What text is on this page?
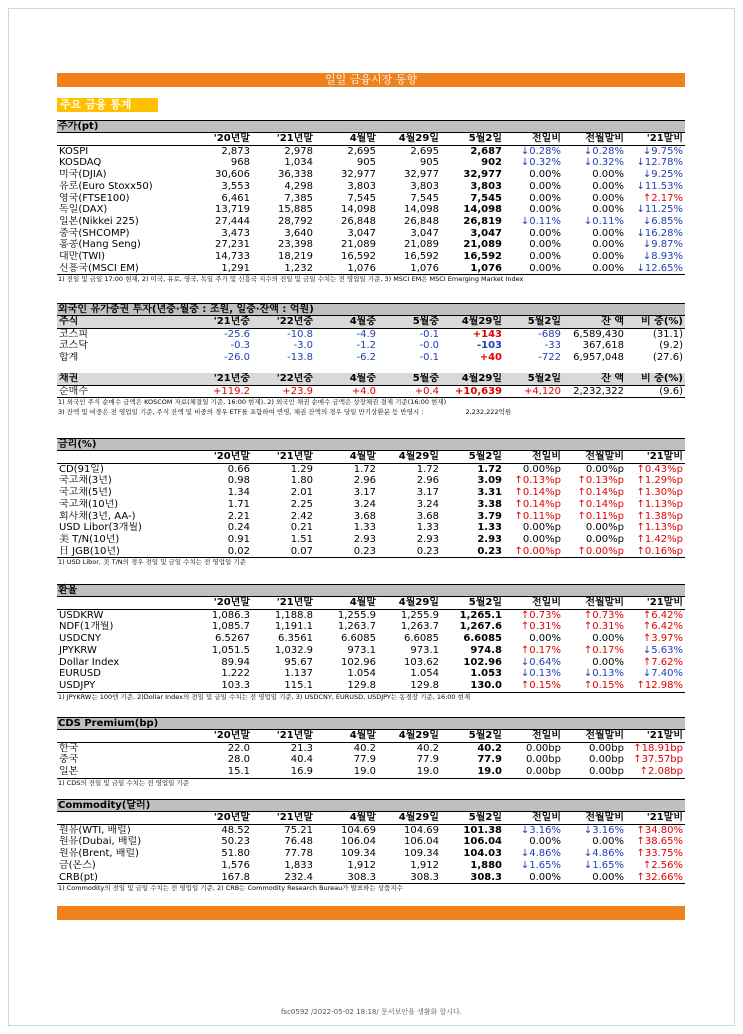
일일 금융시장 동향
주요 금융 통계
주가(pt)
	'20년말	'21년말	4월말	4월29일	5월2일	전일비	전월말비	'21말비
KOSPI	2,873	2,978	2,695	2,695	2,687	↓0.28%	↓0.28%	↓9.75%
KOSDAQ	968	1,034	905	905	902	↓0.32%	↓0.32%	↓12.78%
미국(DJIA)	30,606	36,338	32,977	32,977	32,977	0.00%	0.00%	↓9.25%
유로(Euro Stoxx50)	3,553	4,298	3,803	3,803	3,803	0.00%	0.00%	↓11.53%
영국(FTSE100)	6,461	7,385	7,545	7,545	7,545	0.00%	0.00%	↑2.17%
독일(DAX)	13,719	15,885	14,098	14,098	14,098	0.00%	0.00%	↓11.25%
일본(Nikkei 225)	27,444	28,792	26,848	26,848	26,819	↓0.11%	↓0.11%	↓6.85%
중국(SHCOMP)	3,473	3,640	3,047	3,047	3,047	0.00%	0.00%	↓16.28%
홍콩(Hang Seng)	27,231	23,398	21,089	21,089	21,089	0.00%	0.00%	↓9.87%
대만(TWI)	14,733	18,219	16,592	16,592	16,592	0.00%	0.00%	↓8.93%
신흥국(MSCI EM)	1,291	1,232	1,076	1,076	1,076	0.00%	0.00%	↓12.65%
1) 전일 및 금일 17:00 현재, 2) 미국, 유로, 영국, 독일 주가 및 신흥국 지수의 전일 및 금일 수치는 전 영업일 기준, 3) MSCI EM은 MSCI Emerging Market Index
외국인 유가증권 투자(년중·월중 : 조원, 일중·잔액 : 억원)
주식	'21년중	'22년중	4월중	5월중	4월29일	5월2일	잔 액	비 중(%)
코스피	-25.6	-10.8	-4.9	-0.1	+143	-689	6,589,430	(31.1)
코스닥	-0.3	-3.0	-1.2	-0.0	-103	-33	367,618	(9.2)
합계	-26.0	-13.8	-6.2	-0.1	+40	-722	6,957,048	(27.6)
채권	'21년중	'22년중	4월중	5월중	4월29일	5월2일	잔 액	비 중(%)
순매수	+119.2	+23.9	+4.0	+0.4	+10,639	+4,120	2,232,322	(9.6)
1) 외국인 주식 순매수 금액은 KOSCOM 자료(체결일 기준, 16:00 현재), 2) 외국인 채권 순매수 금액은 상장채권 결제 기준(16:00 현재)
3) 잔액 및 비중은 전 영업일 기준, 주식 잔액 및 비중의 경우 ETF를 포함하여 반영, 채권 잔액의 경우 당일 만기상환분 등 반영시 :	2,232,222억원
금리(%)
	'20년말	'21년말	4월말	4월29일	5월2일	전일비	전월말비	'21말비
CD(91일)	0.66	1.29	1.72	1.72	1.72	0.00%p	0.00%p	↑0.43%p
국고채(3년)	0.98	1.80	2.96	2.96	3.09	↑0.13%p	↑0.13%p	↑1.29%p
국고채(5년)	1.34	2.01	3.17	3.17	3.31	↑0.14%p	↑0.14%p	↑1.30%p
국고채(10년)	1.71	2.25	3.24	3.24	3.38	↑0.14%p	↑0.14%p	↑1.13%p
회사채(3년, AA-)	2.21	2.42	3.68	3.68	3.79	↑0.11%p	↑0.11%p	↑1.38%p
USD Libor(3개월)	0.24	0.21	1.33	1.33	1.33	0.00%p	0.00%p	↑1.13%p
美 T/N(10년)	0.91	1.51	2.93	2.93	2.93	0.00%p	0.00%p	↑1.42%p
日 JGB(10년)	0.02	0.07	0.23	0.23	0.23	↑0.00%p	↑0.00%p	↑0.16%p
1) USD Libor, 美 T/N의 경우 전일 및 금일 수치는 전 영업일 기준
환율
	'20년말	'21년말	4월말	4월29일	5월2일	전일비	전월말비	'21말비
USDKRW	1,086.3	1,188.8	1,255.9	1,255.9	1,265.1	↑0.73%	↑0.73%	↑6.42%
NDF(1개월)	1,085.7	1,191.1	1,263.7	1,263.7	1,267.6	↑0.31%	↑0.31%	↑6.42%
USDCNY	6.5267	6.3561	6.6085	6.6085	6.6085	0.00%	0.00%	↑3.97%
JPYKRW	1,051.5	1,032.9	973.1	973.1	974.8	↑0.17%	↑0.17%	↓5.63%
Dollar Index	89.94	95.67	102.96	103.62	102.96	↓0.64%	0.00%	↑7.62%
EURUSD	1.222	1.137	1.054	1.054	1.053	↓0.13%	↓0.13%	↓7.40%
USDJPY	103.3	115.1	129.8	129.8	130.0	↑0.15%	↑0.15%	↑12.98%
1) JPYKRW는 100엔 기준, 2)Dollar Index의 전일 및 금일 수치는 전 영업일 기준, 3) USDCNY, EURUSD, USDJPY는 동경장 기준, 16:00 현재
CDS Premium(bp)
	'20년말	'21년말	4월말	4월29일	5월2일	전일비	전월말비	'21말비
한국	22.0	21.3	40.2	40.2	40.2	0.00bp	0.00bp	↑18.91bp
중국	28.0	40.4	77.9	77.9	77.9	0.00bp	0.00bp	↑37.57bp
일본	15.1	16.9	19.0	19.0	19.0	0.00bp	0.00bp	↑2.08bp
1) CDS의 전일 및 금일 수치는 전 영업일 기준
Commodity(달러)
	'20년말	'21년말	4월말	4월29일	5월2일	전일비	전월말비	'21말비
원유(WTI, 배럴)	48.52	75.21	104.69	104.69	101.38	↓3.16%	↓3.16%	↑34.80%
원유(Dubai, 배럴)	50.23	76.48	106.04	106.04	106.04	0.00%	0.00%	↑38.65%
원유(Brent, 배럴)	51.80	77.78	109.34	109.34	104.03	↓4.86%	↓4.86%	↑33.75%
금(온스)	1,576	1,833	1,912	1,912	1,880	↓1.65%	↓1.65%	↑2.56%
CRB(pt)	167.8	232.4	308.3	308.3	308.3	0.00%	0.00%	↑32.66%
1) Commodity의 전일 및 금일 수치는 전 영업일 기준, 2) CRB는 Commodity Research Bureau가 발표하는 상품지수
fsc0592 /2022-05-02 18:18/ 문서보안을 생활화 합시다.
